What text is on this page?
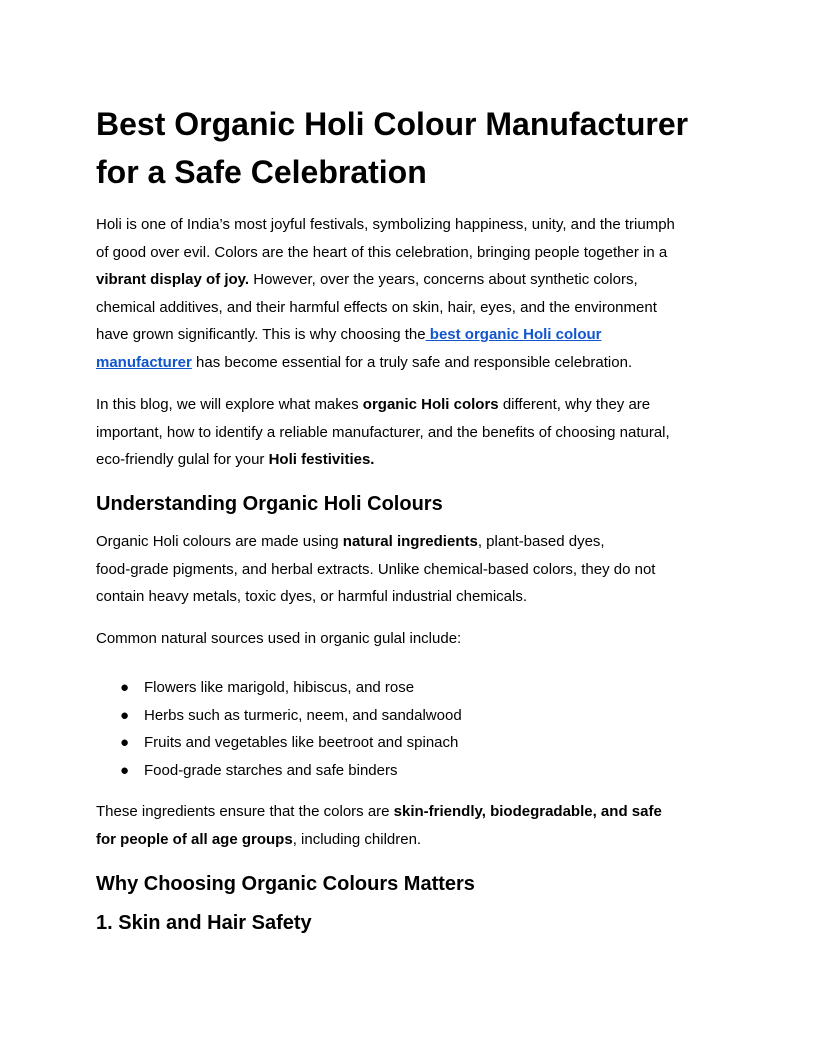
Best Organic Holi Colour Manufacturer
for a Safe Celebration

Holi is one of India’s most joyful festivals, symbolizing happiness, unity, and the triumph
of good over evil. Colors are the heart of this celebration, bringing people together in a
vibrant display of joy. However, over the years, concerns about synthetic colors,
chemical additives, and their harmful effects on skin, hair, eyes, and the environment
have grown significantly. This is why choosing the best organic Holi colour
manufacturer has become essential for a truly safe and responsible celebration.

In this blog, we will explore what makes organic Holi colors different, why they are
important, how to identify a reliable manufacturer, and the benefits of choosing natural,
eco-friendly gulal for your Holi festivities.

Understanding Organic Holi Colours

Organic Holi colours are made using natural ingredients, plant-based dyes,
food-grade pigments, and herbal extracts. Unlike chemical-based colors, they do not
contain heavy metals, toxic dyes, or harmful industrial chemicals.

Common natural sources used in organic gulal include:

● Flowers like marigold, hibiscus, and rose
● Herbs such as turmeric, neem, and sandalwood
● Fruits and vegetables like beetroot and spinach
● Food-grade starches and safe binders

These ingredients ensure that the colors are skin-friendly, biodegradable, and safe
for people of all age groups, including children.

Why Choosing Organic Colours Matters
1. Skin and Hair Safety
